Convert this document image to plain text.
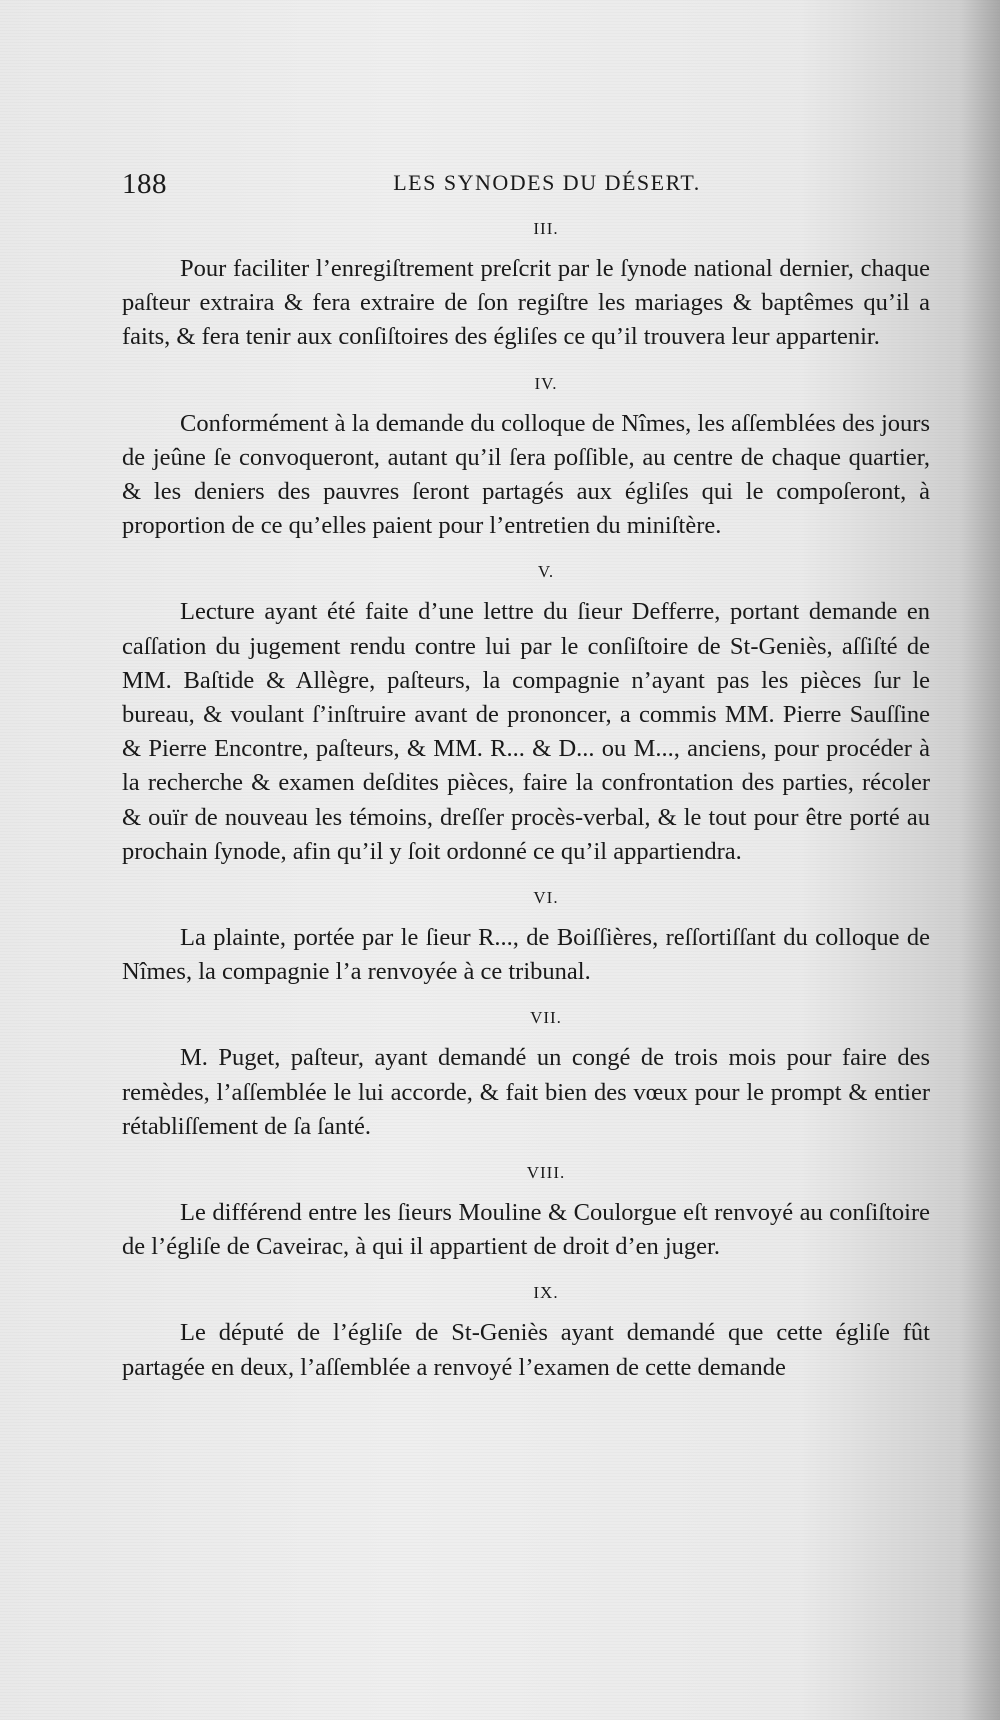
188	LES SYNODES DU DÉSERT.
III.

Pour faciliter l’enregiſtrement preſcrit par le ſynode national dernier, chaque paſteur extraira & fera extraire de ſon regiſtre les mariages & baptêmes qu’il a faits, & fera tenir aux conſiſtoires des égliſes ce qu’il trouvera leur appartenir.

IV.

Conformément à la demande du colloque de Nîmes, les aſſemblées des jours de jeûne ſe convoqueront, autant qu’il ſera poſſible, au centre de chaque quartier, & les deniers des pauvres ſeront partagés aux égliſes qui le compoſeront, à proportion de ce qu’elles paient pour l’entretien du miniſtère.

V.

Lecture ayant été faite d’une lettre du ſieur Defferre, portant demande en caſſation du jugement rendu contre lui par le conſiſtoire de St-Geniès, aſſiſté de MM. Baſtide & Allègre, paſteurs, la compagnie n’ayant pas les pièces ſur le bureau, & voulant ſ’inſtruire avant de prononcer, a commis MM. Pierre Sauſſine & Pierre Encontre, paſteurs, & MM. R... & D... ou M..., anciens, pour procéder à la recherche & examen deſdites pièces, faire la confrontation des parties, récoler & ouïr de nouveau les témoins, dreſſer procès-verbal, & le tout pour être porté au prochain ſynode, afin qu’il y ſoit ordonné ce qu’il appartiendra.

VI.

La plainte, portée par le ſieur R..., de Boiſſières, reſſortiſſant du colloque de Nîmes, la compagnie l’a renvoyée à ce tribunal.

VII.

M. Puget, paſteur, ayant demandé un congé de trois mois pour faire des remèdes, l’aſſemblée le lui accorde, & fait bien des vœux pour le prompt & entier rétabliſſement de ſa ſanté.

VIII.

Le différend entre les ſieurs Mouline & Coulorgue eſt renvoyé au conſiſtoire de l’égliſe de Caveirac, à qui il appartient de droit d’en juger.

IX.

Le député de l’égliſe de St-Geniès ayant demandé que cette égliſe fût partagée en deux, l’aſſemblée a renvoyé l’examen de cette demande
